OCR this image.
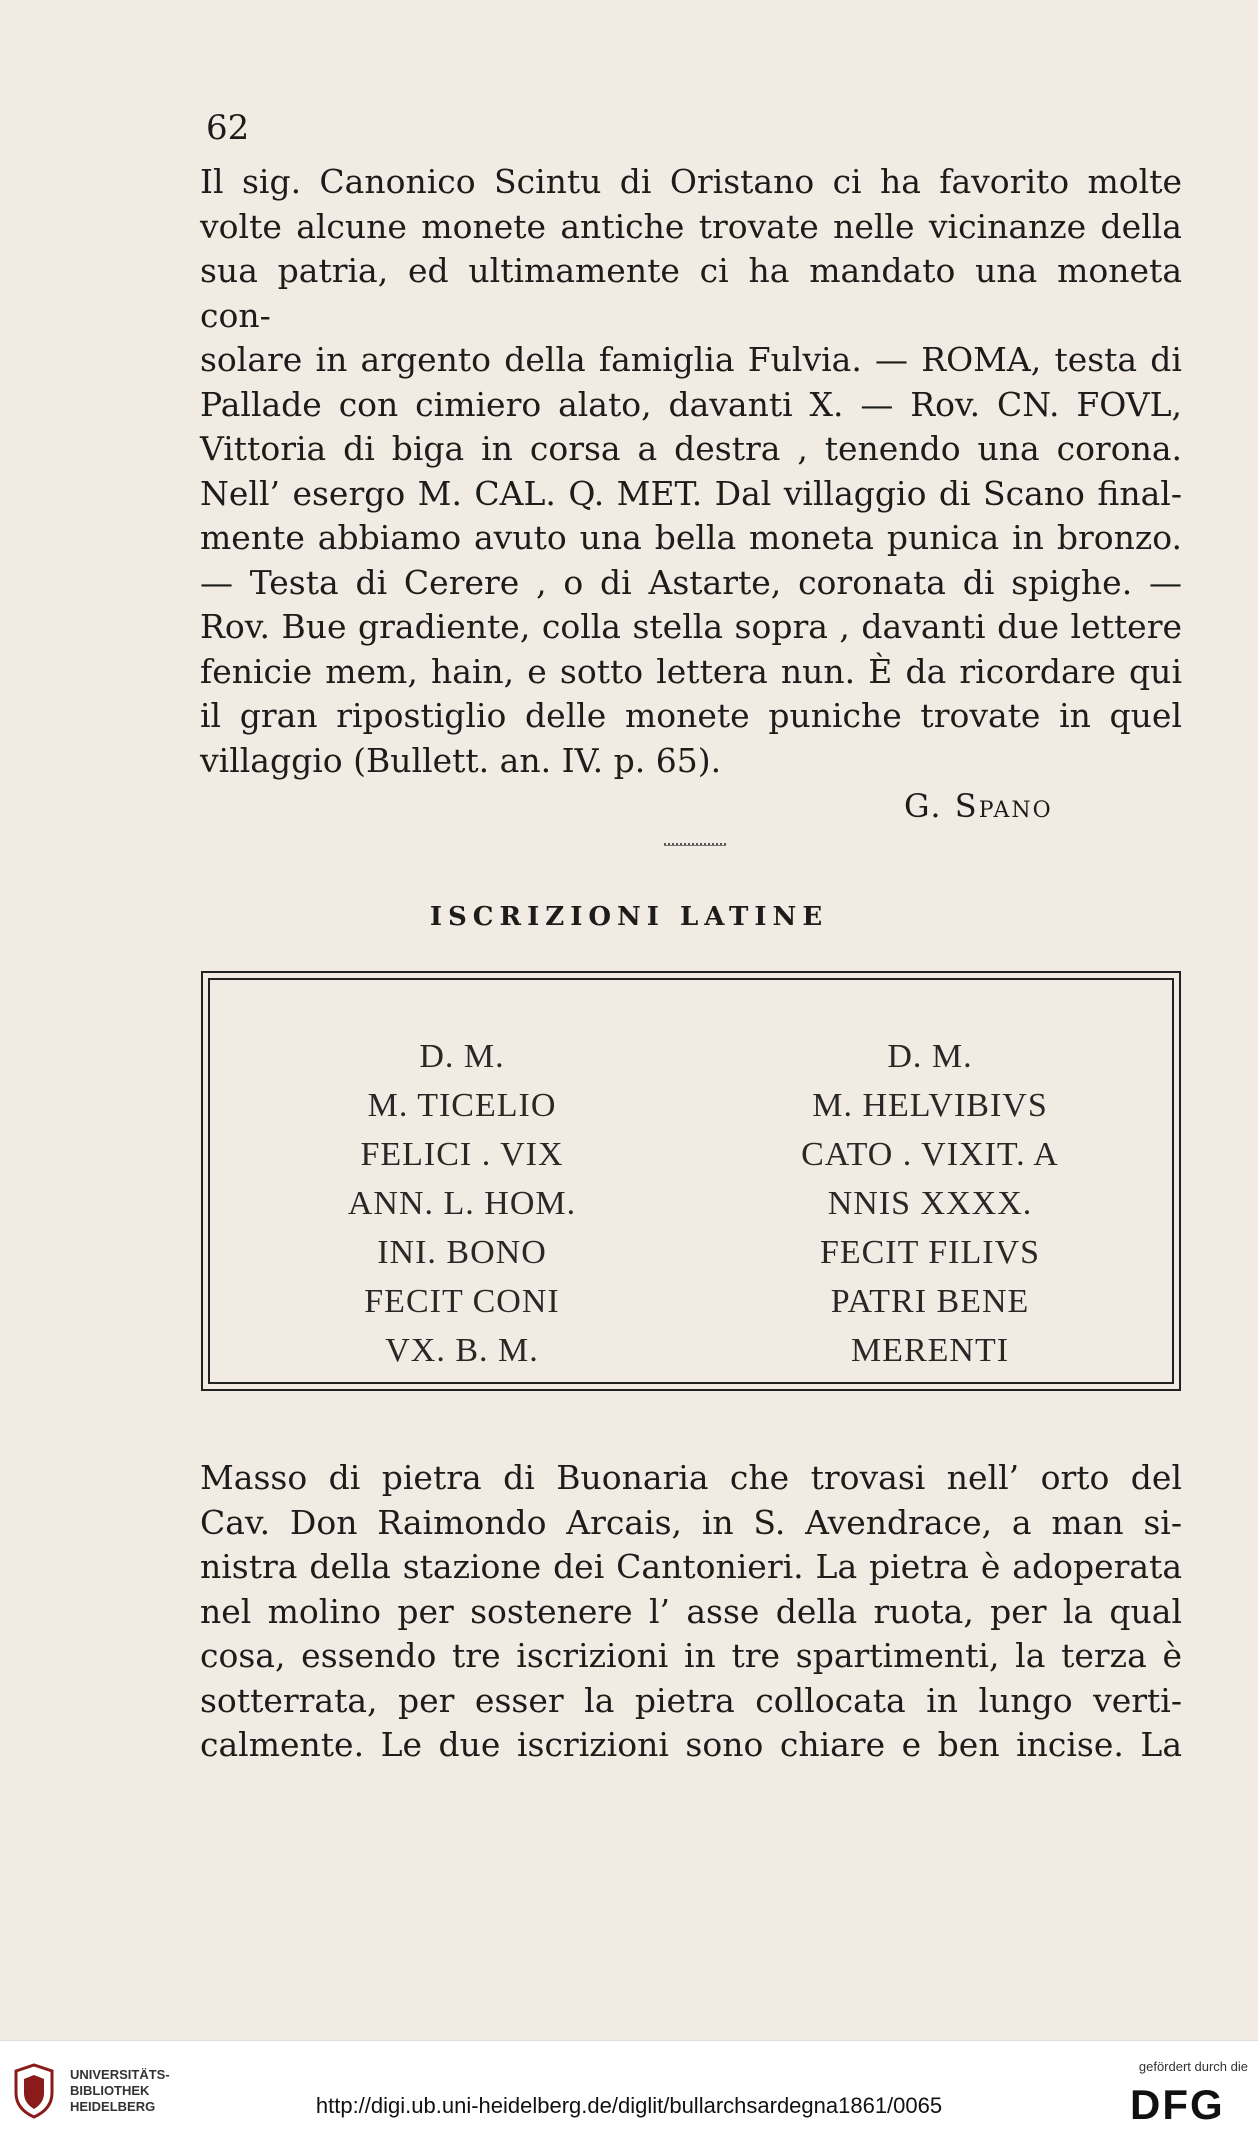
62
Il sig. Canonico Scintu di Oristano ci ha favorito molte
volte alcune monete antiche trovate nelle vicinanze della
sua patria, ed ultimamente ci ha mandato una moneta con-
solare in argento della famiglia Fulvia. — ROMA, testa di
Pallade con cimiero alato, davanti X. — Rov. CN. FOVL,
Vittoria di biga in corsa a destra , tenendo una corona.
Nell’ esergo M. CAL. Q. MET. Dal villaggio di Scano final-
mente abbiamo avuto una bella moneta punica in bronzo.
— Testa di Cerere , o di Astarte, coronata di spighe. —
Rov. Bue gradiente, colla stella sopra , davanti due lettere
fenicie mem, hain, e sotto lettera nun. È da ricordare qui
il gran ripostiglio delle monete puniche trovate in quel
villaggio (Bullett. an. IV. p. 65).
G. Spano
ISCRIZIONI LATINE
D. M.
M. TICELIO
FELICI . VIX
ANN. L. HOM.
INI. BONO
FECIT CONI
VX. B. M.
D. M.
M. HELVIBIVS
CATO . VIXIT. A
NNIS XXXX.
FECIT FILIVS
PATRI BENE
MERENTI
Masso di pietra di Buonaria che trovasi nell’ orto del
Cav. Don Raimondo Arcais, in S. Avendrace, a man si-
nistra della stazione dei Cantonieri. La pietra è adoperata
nel molino per sostenere l’ asse della ruota, per la qual
cosa, essendo tre iscrizioni in tre spartimenti, la terza è
sotterrata, per esser la pietra collocata in lungo verti-
calmente. Le due iscrizioni sono chiare e ben incise. La
UNIVERSITÄTS-
BIBLIOTHEK
HEIDELBERG	http://digi.ub.uni-heidelberg.de/diglit/bullarchsardegna1861/0065
gefördert durch die
DFG
